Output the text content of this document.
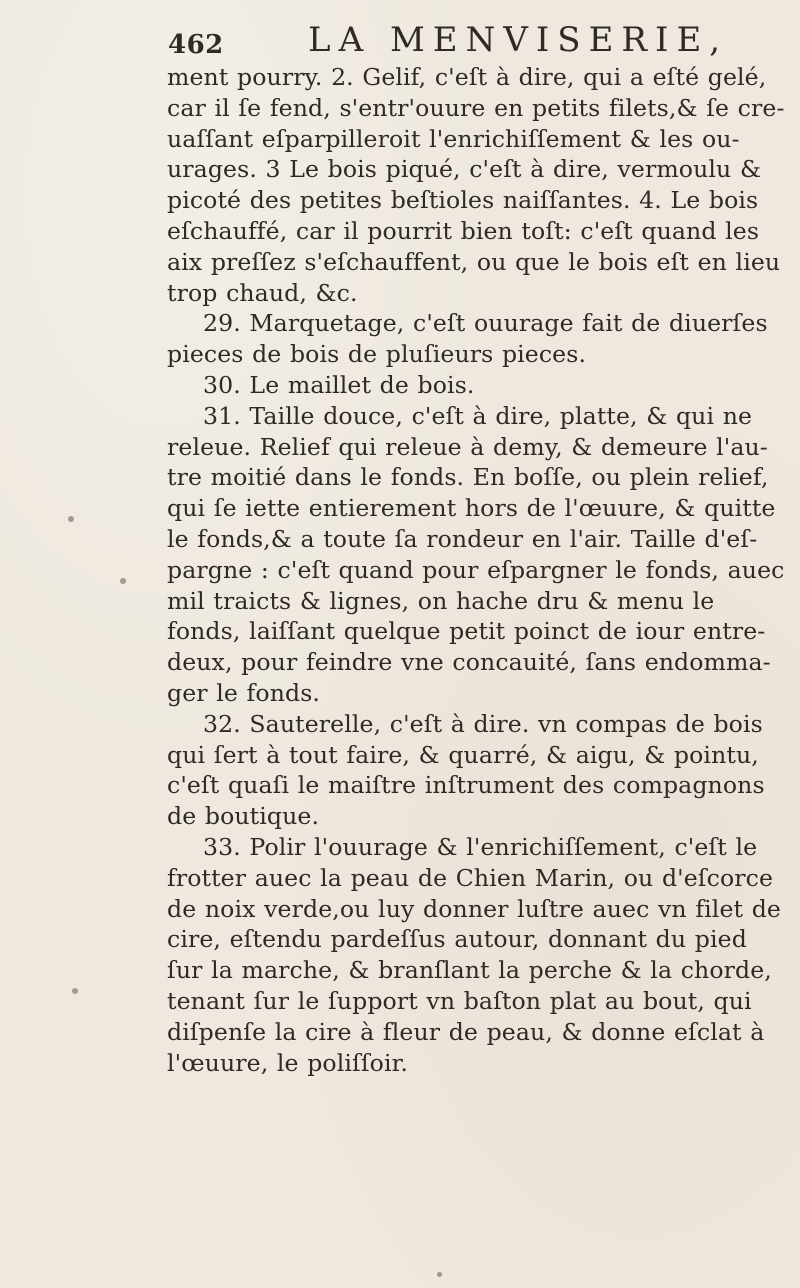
462 LA MENVISERIE,
ment pourry. 2. Gelif, c'eſt à dire, qui a eſté gelé,
car il ſe fend, s'entr'ouure en petits filets,& ſe cre-
uaſſant eſparpilleroit l'enrichiſſement & les ou-
urages. 3 Le bois piqué, c'eſt à dire, vermoulu &
picoté des petites beſtioles naiſſantes. 4. Le bois
eſchauffé, car il pourrit bien toſt: c'eſt quand les
aix preſſez s'eſchauffent, ou que le bois eſt en lieu
trop chaud, &c.
29. Marquetage, c'eſt ouurage fait de diuerſes
pieces de bois de pluſieurs pieces.
30. Le maillet de bois.
31. Taille douce, c'eſt à dire, platte, & qui ne
releue. Relief qui releue à demy, & demeure l'au-
tre moitié dans le fonds. En boſſe, ou plein relief,
qui ſe iette entierement hors de l'œuure, & quitte
le fonds,& a toute ſa rondeur en l'air. Taille d'eſ-
pargne : c'eſt quand pour eſpargner le fonds, auec
mil traicts & lignes, on hache dru & menu le
fonds, laiſſant quelque petit poinct de iour entre-
deux, pour feindre vne concauité, ſans endomma-
ger le fonds.
32. Sauterelle, c'eſt à dire. vn compas de bois
qui ſert à tout faire, & quarré, & aigu, & pointu,
c'eſt quaſi le maiſtre inſtrument des compagnons
de boutique.
33. Polir l'ouurage & l'enrichiſſement, c'eſt le
frotter auec la peau de Chien Marin, ou d'eſcorce
de noix verde,ou luy donner luſtre auec vn filet de
cire, eſtendu pardeſſus autour, donnant du pied
ſur la marche, & branſlant la perche & la chorde,
tenant ſur le ſupport vn baſton plat au bout, qui
diſpenſe la cire à fleur de peau, & donne eſclat à
l'œuure, le poliſſoir.
